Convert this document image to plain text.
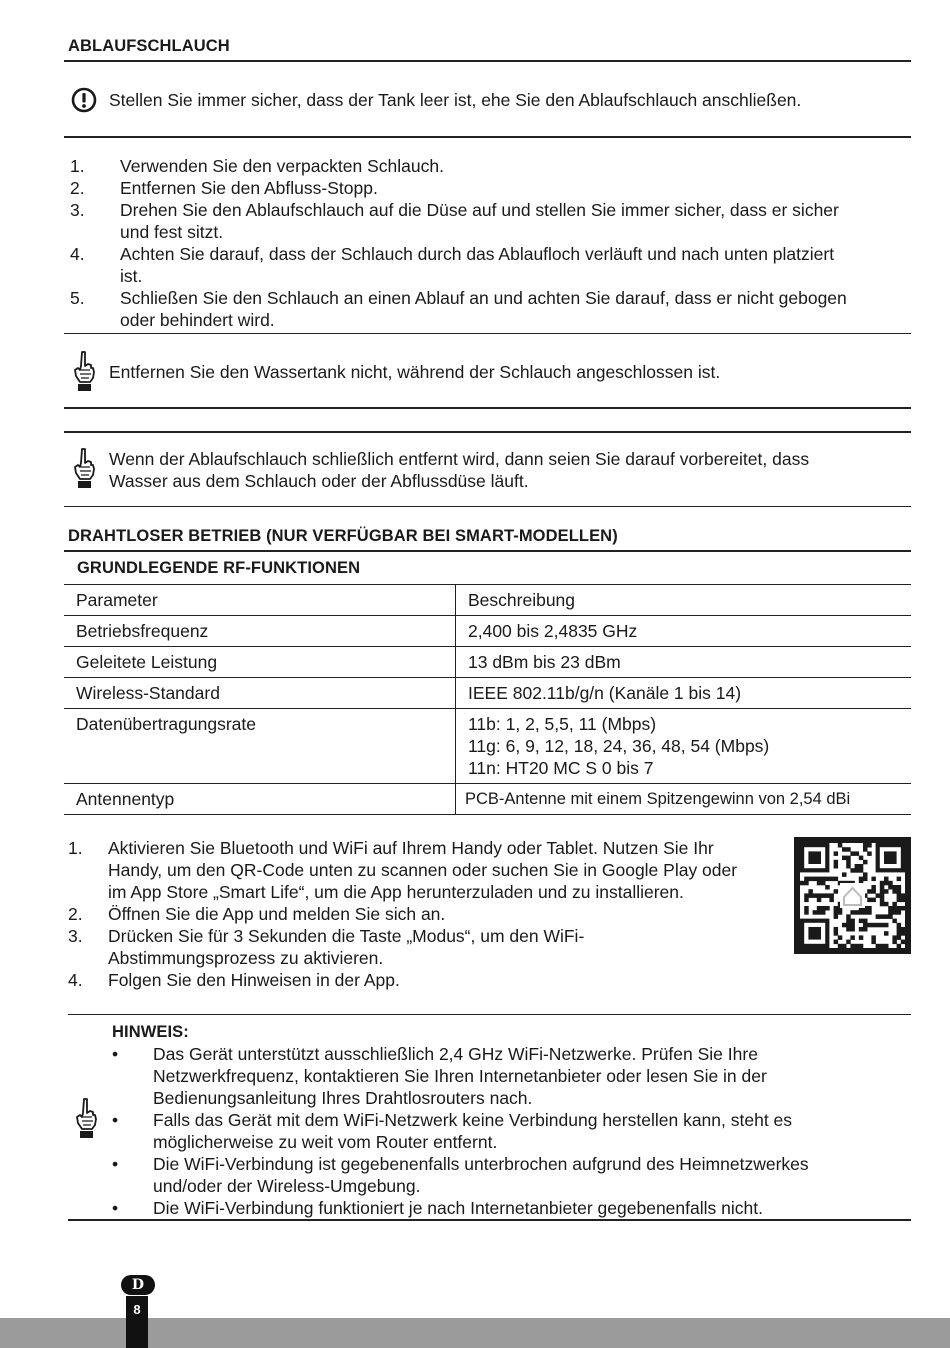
ABLAUFSCHLAUCH
Stellen Sie immer sicher, dass der Tank leer ist, ehe Sie den Ablaufschlauch anschließen.
1. Verwenden Sie den verpackten Schlauch.
2. Entfernen Sie den Abfluss-Stopp.
3. Drehen Sie den Ablaufschlauch auf die Düse auf und stellen Sie immer sicher, dass er sicher
und fest sitzt.
4. Achten Sie darauf, dass der Schlauch durch das Ablaufloch verläuft und nach unten platziert
ist.
5. Schließen Sie den Schlauch an einen Ablauf an und achten Sie darauf, dass er nicht gebogen
oder behindert wird.
Entfernen Sie den Wassertank nicht, während der Schlauch angeschlossen ist.
Wenn der Ablaufschlauch schließlich entfernt wird, dann seien Sie darauf vorbereitet, dass
Wasser aus dem Schlauch oder der Abflussdüse läuft.
DRAHTLOSER BETRIEB (NUR VERFÜGBAR BEI SMART-MODELLEN)
GRUNDLEGENDE RF-FUNKTIONEN
Parameter	Beschreibung

Betriebsfrequenz	2,400 bis 2,4835 GHz

Geleitete Leistung	13 dBm bis 23 dBm

Wireless-Standard	IEEE 802.11b/g/n (Kanäle 1 bis 14)

Datenübertragungsrate	11b: 1, 2, 5,5, 11 (Mbps)
11g: 6, 9, 12, 18, 24, 36, 48, 54 (Mbps)
11n: HT20 MC S 0 bis 7

Antennentyp	PCB-Antenne mit einem Spitzengewinn von 2,54 dBi
1. Aktivieren Sie Bluetooth und WiFi auf Ihrem Handy oder Tablet. Nutzen Sie Ihr
Handy, um den QR-Code unten zu scannen oder suchen Sie in Google Play oder
im App Store „Smart Life“, um die App herunterzuladen und zu installieren.
2. Öffnen Sie die App und melden Sie sich an.
3. Drücken Sie für 3 Sekunden die Taste „Modus“, um den WiFi-
Abstimmungsprozess zu aktivieren.
4. Folgen Sie den Hinweisen in der App.
HINWEIS:
• Das Gerät unterstützt ausschließlich 2,4 GHz WiFi-Netzwerke. Prüfen Sie Ihre
Netzwerkfrequenz, kontaktieren Sie Ihren Internetanbieter oder lesen Sie in der
Bedienungsanleitung Ihres Drahtlosrouters nach.
• Falls das Gerät mit dem WiFi-Netzwerk keine Verbindung herstellen kann, steht es
möglicherweise zu weit vom Router entfernt.
• Die WiFi-Verbindung ist gegebenenfalls unterbrochen aufgrund des Heimnetzwerkes
und/oder der Wireless-Umgebung.
• Die WiFi-Verbindung funktioniert je nach Internetanbieter gegebenenfalls nicht.
D
8
